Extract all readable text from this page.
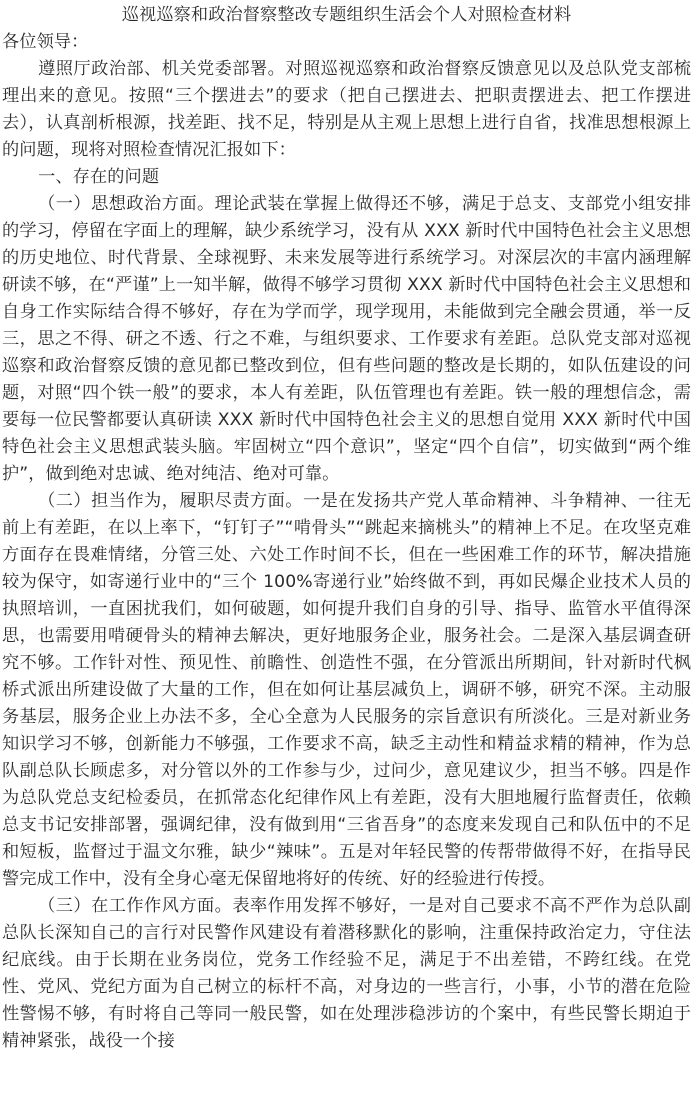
巡视巡察和政治督察整改专题组织生活会个人对照检查材料

各位领导：

遵照厅政治部、机关党委部署。对照巡视巡察和政治督察反馈意见以及总队党支部梳理出来的意见。按照“三个摆进去”的要求（把自己摆进去、把职责摆进去、把工作摆进去），认真剖析根源，找差距、找不足，特别是从主观上思想上进行自省，找准思想根源上的问题，现将对照检查情况汇报如下：

一、存在的问题

（一）思想政治方面。理论武装在掌握上做得还不够，满足于总支、支部党小组安排的学习，停留在字面上的理解，缺少系统学习，没有从 XXX 新时代中国特色社会主义思想的历史地位、时代背景、全球视野、未来发展等进行系统学习。对深层次的丰富内涵理解研读不够，在“严谨”上一知半解，做得不够学习贯彻 XXX 新时代中国特色社会主义思想和自身工作实际结合得不够好，存在为学而学，现学现用，未能做到完全融会贯通，举一反三，思之不得、研之不透、行之不难，与组织要求、工作要求有差距。总队党支部对巡视巡察和政治督察反馈的意见都已整改到位，但有些问题的整改是长期的，如队伍建设的问题，对照“四个铁一般”的要求，本人有差距，队伍管理也有差距。铁一般的理想信念，需要每一位民警都要认真研读 XXX 新时代中国特色社会主义的思想自觉用 XXX 新时代中国特色社会主义思想武装头脑。牢固树立“四个意识”，坚定“四个自信”，切实做到“两个维护”，做到绝对忠诚、绝对纯洁、绝对可靠。

（二）担当作为，履职尽责方面。一是在发扬共产党人革命精神、斗争精神、一往无前上有差距，在以上率下，“钉钉子”“啃骨头”“跳起来摘桃头”的精神上不足。在攻坚克难方面存在畏难情绪，分管三处、六处工作时间不长，但在一些困难工作的环节，解决措施较为保守，如寄递行业中的“三个 100%寄递行业”始终做不到，再如民爆企业技术人员的执照培训，一直困扰我们，如何破题，如何提升我们自身的引导、指导、监管水平值得深思，也需要用啃硬骨头的精神去解决，更好地服务企业，服务社会。二是深入基层调查研究不够。工作针对性、预见性、前瞻性、创造性不强，在分管派出所期间，针对新时代枫桥式派出所建设做了大量的工作，但在如何让基层减负上，调研不够，研究不深。主动服务基层，服务企业上办法不多，全心全意为人民服务的宗旨意识有所淡化。三是对新业务知识学习不够，创新能力不够强，工作要求不高，缺乏主动性和精益求精的精神，作为总队副总队长顾虑多，对分管以外的工作参与少，过问少，意见建议少，担当不够。四是作为总队党总支纪检委员，在抓常态化纪律作风上有差距，没有大胆地履行监督责任，依赖总支书记安排部署，强调纪律，没有做到用“三省吾身”的态度来发现自己和队伍中的不足和短板，监督过于温文尔雅，缺少“辣味”。五是对年轻民警的传帮带做得不好，在指导民警完成工作中，没有全身心毫无保留地将好的传统、好的经验进行传授。

（三）在工作作风方面。表率作用发挥不够好，一是对自己要求不高不严作为总队副总队长深知自己的言行对民警作风建设有着潜移默化的影响，注重保持政治定力，守住法纪底线。由于长期在业务岗位，党务工作经验不足，满足于不出差错，不跨红线。在党性、党风、党纪方面为自己树立的标杆不高，对身边的一些言行，小事，小节的潜在危险性警惕不够，有时将自己等同一般民警，如在处理涉稳涉访的个案中，有些民警长期迫于精神紧张，战役一个接
